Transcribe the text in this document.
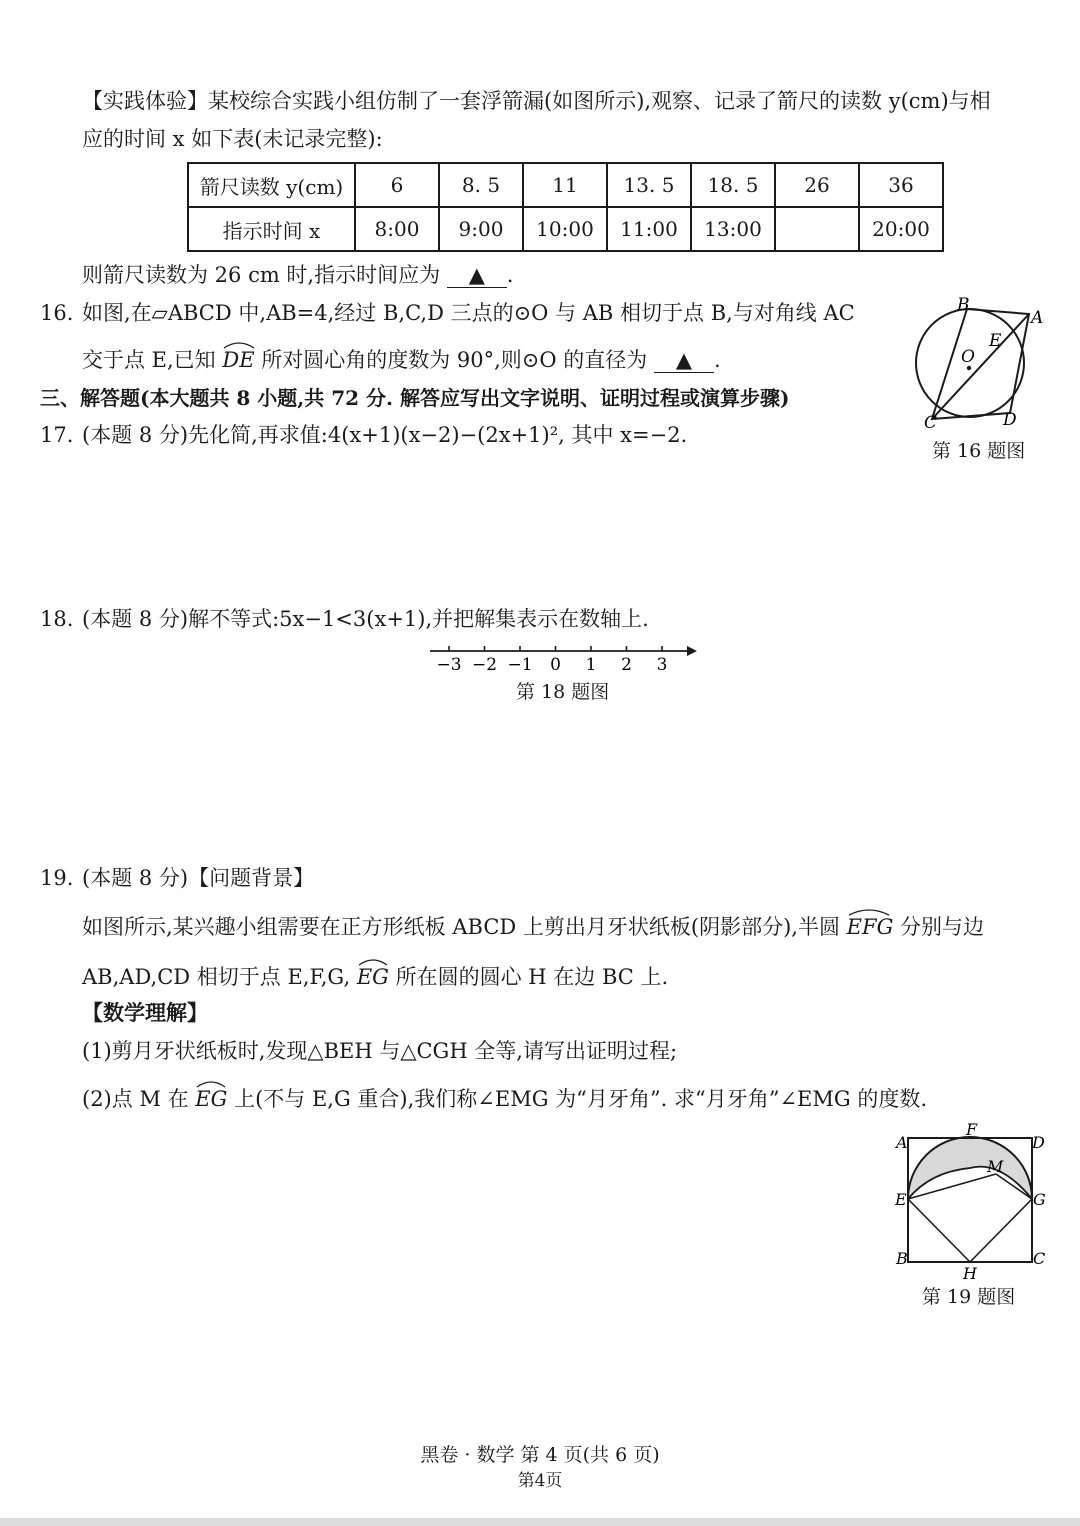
【实践体验】某校综合实践小组仿制了一套浮箭漏(如图所示),观察、记录了箭尺的读数 y(cm)与相
应的时间 x 如下表(未记录完整):
箭尺读数 y(cm)	6	8. 5	11	13. 5	18. 5	26	36
指示时间 x	8:00	9:00	10:00	11:00	13:00		20:00
则箭尺读数为 26 cm 时,指示时间应为 ▲ .
16. 如图,在▱ABCD 中,AB=4,经过 B,C,D 三点的⊙O 与 AB 相切于点 B,与对角线 AC
交于点 E,已知 DE 所对圆心角的度数为 90°,则⊙O 的直径为 ▲ .
B
A
E
O
C	D
第 16 题图
三、解答题(本大题共 8 小题,共 72 分. 解答应写出文字说明、证明过程或演算步骤)
17. (本题 8 分)先化简,再求值:4(x+1)(x−2)−(2x+1)², 其中 x=−2.
18. (本题 8 分)解不等式:5x−1<3(x+1),并把解集表示在数轴上.
−3 −2 −1 0 1 2 3
第 18 题图
19. (本题 8 分)【问题背景】
如图所示,某兴趣小组需要在正方形纸板 ABCD 上剪出月牙状纸板(阴影部分),半圆 EFG 分别与边
AB,AD,CD 相切于点 E,F,G, EG 所在圆的圆心 H 在边 BC 上.
【数学理解】
(1)剪月牙状纸板时,发现△BEH 与△CGH 全等,请写出证明过程;
(2)点 M 在 EG 上(不与 E,G 重合),我们称∠EMG 为“月牙角”. 求“月牙角”∠EMG 的度数.
A
F
D
M
E	G
B
H
C
第 19 题图
黑卷 · 数学 第 4 页(共 6 页)
第4页
